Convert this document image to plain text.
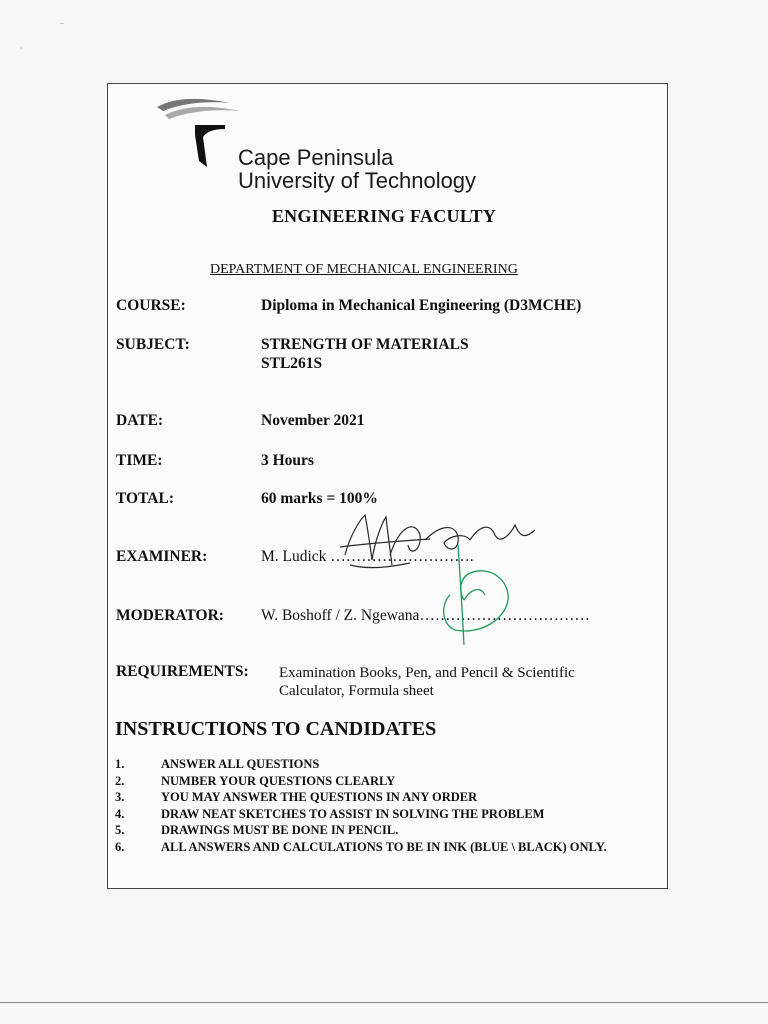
Cape Peninsula
University of Technology
ENGINEERING FACULTY
DEPARTMENT OF MECHANICAL ENGINEERING
COURSE:	Diploma in Mechanical Engineering (D3MCHE)
SUBJECT:	STRENGTH OF MATERIALS
STL261S
DATE:	November 2021
TIME:	3 Hours
TOTAL:	60 marks = 100%
EXAMINER:	M. Ludick ……………………….
MODERATOR: W. Boshoff / Z. Ngewana……………………………
REQUIREMENTS: Examination Books, Pen, and Pencil & Scientific
Calculator, Formula sheet
INSTRUCTIONS TO CANDIDATES
1.	ANSWER ALL QUESTIONS
2.	NUMBER YOUR QUESTIONS CLEARLY
3.	YOU MAY ANSWER THE QUESTIONS IN ANY ORDER
4.	DRAW NEAT SKETCHES TO ASSIST IN SOLVING THE PROBLEM
5.	DRAWINGS MUST BE DONE IN PENCIL.
6.	ALL ANSWERS AND CALCULATIONS TO BE IN INK (BLUE \ BLACK) ONLY.
–
·
